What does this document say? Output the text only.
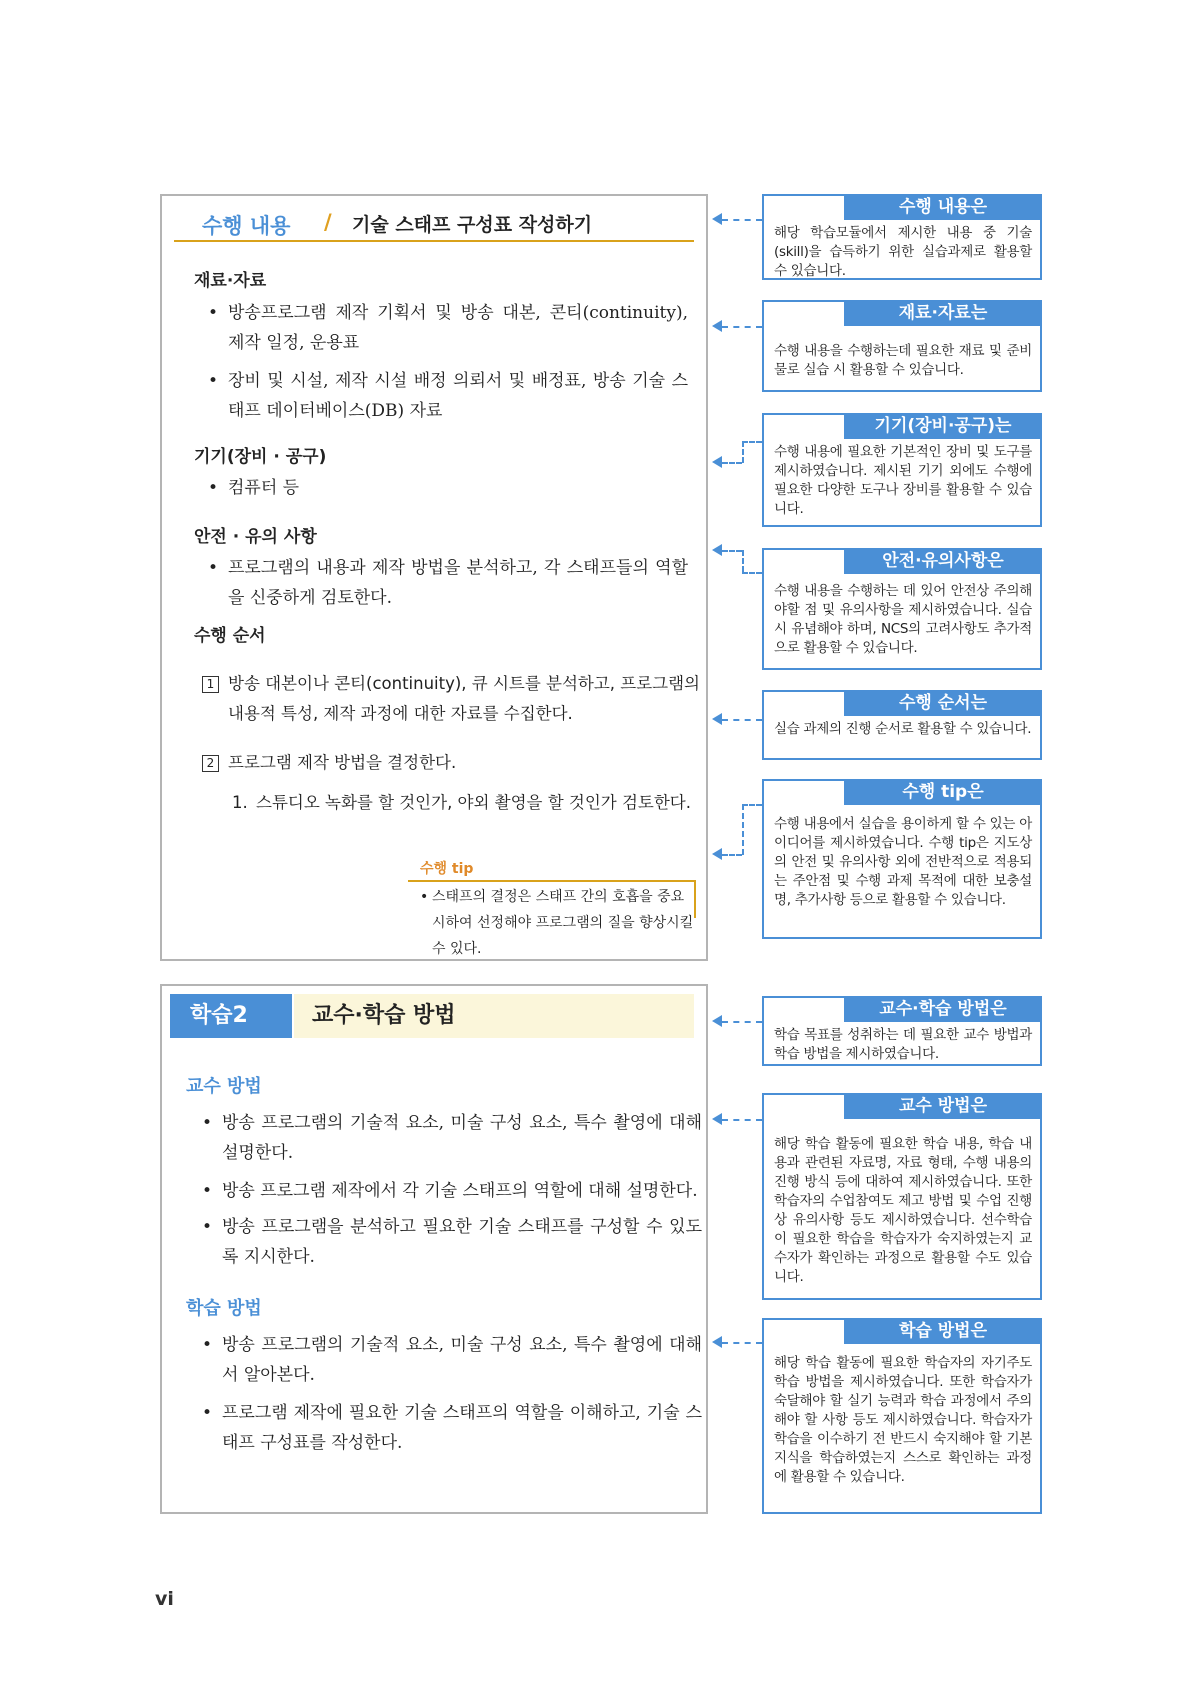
수행 내용 / 기술 스태프 구성표 작성하기
재료·자료
• 방송프로그램 제작 기획서 및 방송 대본, 콘티(continuity), 제작 일정, 운용표
• 장비 및 시설, 제작 시설 배정 의뢰서 및 배정표, 방송 기술 스태프 데이터베이스(DB) 자료
기기(장비 · 공구)
• 컴퓨터 등
안전 · 유의 사항
• 프로그램의 내용과 제작 방법을 분석하고, 각 스태프들의 역할을 신중하게 검토한다.
수행 순서
1 방송 대본이나 콘티(continuity), 큐 시트를 분석하고, 프로그램의 내용적 특성, 제작 과정에 대한 자료를 수집한다.
2 프로그램 제작 방법을 결정한다.
1. 스튜디오 녹화를 할 것인가, 야외 촬영을 할 것인가 검토한다.
수행 tip
• 스태프의 결정은 스태프 간의 호흡을 중요시하여 선정해야 프로그램의 질을 향상시킬 수 있다.
학습2	교수·학습 방법
교수 방법
• 방송 프로그램의 기술적 요소, 미술 구성 요소, 특수 촬영에 대해 설명한다.
• 방송 프로그램 제작에서 각 기술 스태프의 역할에 대해 설명한다.
• 방송 프로그램을 분석하고 필요한 기술 스태프를 구성할 수 있도록 지시한다.
학습 방법
• 방송 프로그램의 기술적 요소, 미술 구성 요소, 특수 촬영에 대해서 알아본다.
• 프로그램 제작에 필요한 기술 스태프의 역할을 이해하고, 기술 스태프 구성표를 작성한다.
수행 내용은
해당 학습모듈에서 제시한 내용 중 기술(skill)을 습득하기 위한 실습과제로 활용할 수 있습니다.
재료·자료는
수행 내용을 수행하는데 필요한 재료 및 준비물로 실습 시 활용할 수 있습니다.
기기(장비·공구)는
수행 내용에 필요한 기본적인 장비 및 도구를 제시하였습니다. 제시된 기기 외에도 수행에 필요한 다양한 도구나 장비를 활용할 수 있습니다.
안전·유의사항은
수행 내용을 수행하는 데 있어 안전상 주의해야할 점 및 유의사항을 제시하였습니다. 실습 시 유념해야 하며, NCS의 고려사항도 추가적으로 활용할 수 있습니다.
수행 순서는
실습 과제의 진행 순서로 활용할 수 있습니다.
수행 tip은
수행 내용에서 실습을 용이하게 할 수 있는 아이디어를 제시하였습니다. 수행 tip은 지도상의 안전 및 유의사항 외에 전반적으로 적용되는 주안점 및 수행 과제 목적에 대한 보충설명, 추가사항 등으로 활용할 수 있습니다.
교수·학습 방법은
학습 목표를 성취하는 데 필요한 교수 방법과 학습 방법을 제시하였습니다.
교수 방법은
해당 학습 활동에 필요한 학습 내용, 학습 내용과 관련된 자료명, 자료 형태, 수행 내용의 진행 방식 등에 대하여 제시하였습니다. 또한 학습자의 수업참여도 제고 방법 및 수업 진행상 유의사항 등도 제시하였습니다. 선수학습이 필요한 학습을 학습자가 숙지하였는지 교수자가 확인하는 과정으로 활용할 수도 있습니다.
학습 방법은
해당 학습 활동에 필요한 학습자의 자기주도 학습 방법을 제시하였습니다. 또한 학습자가 숙달해야 할 실기 능력과 학습 과정에서 주의해야 할 사항 등도 제시하였습니다. 학습자가 학습을 이수하기 전 반드시 숙지해야 할 기본 지식을 학습하였는지 스스로 확인하는 과정에 활용할 수 있습니다.
vi
